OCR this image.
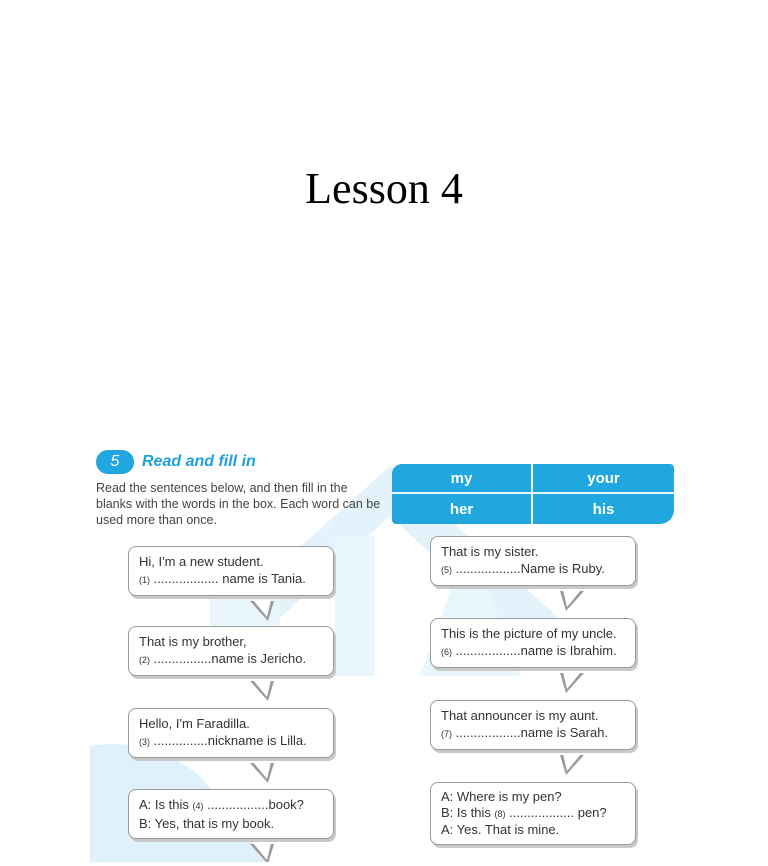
Lesson 4
5	Read and fill in
Read the sentences below, and then fill in the blanks with the words in the box. Each word can be used more than once.
my	your
her	his
Hi, I'm a new student.
(1) .................. name is Tania.
That is my brother,
(2) ................name is Jericho.
Hello, I'm Faradilla.
(3) ...............nickname is Lilla.
A: Is this (4) .................book?
B: Yes, that is my book.
That is my sister.
(5) ..................Name is Ruby.
This is the picture of my uncle.
(6) ..................name is Ibrahim.
That announcer is my aunt.
(7) ..................name is Sarah.
A: Where is my pen?
B: Is this (8) .................. pen?
A: Yes. That is mine.
